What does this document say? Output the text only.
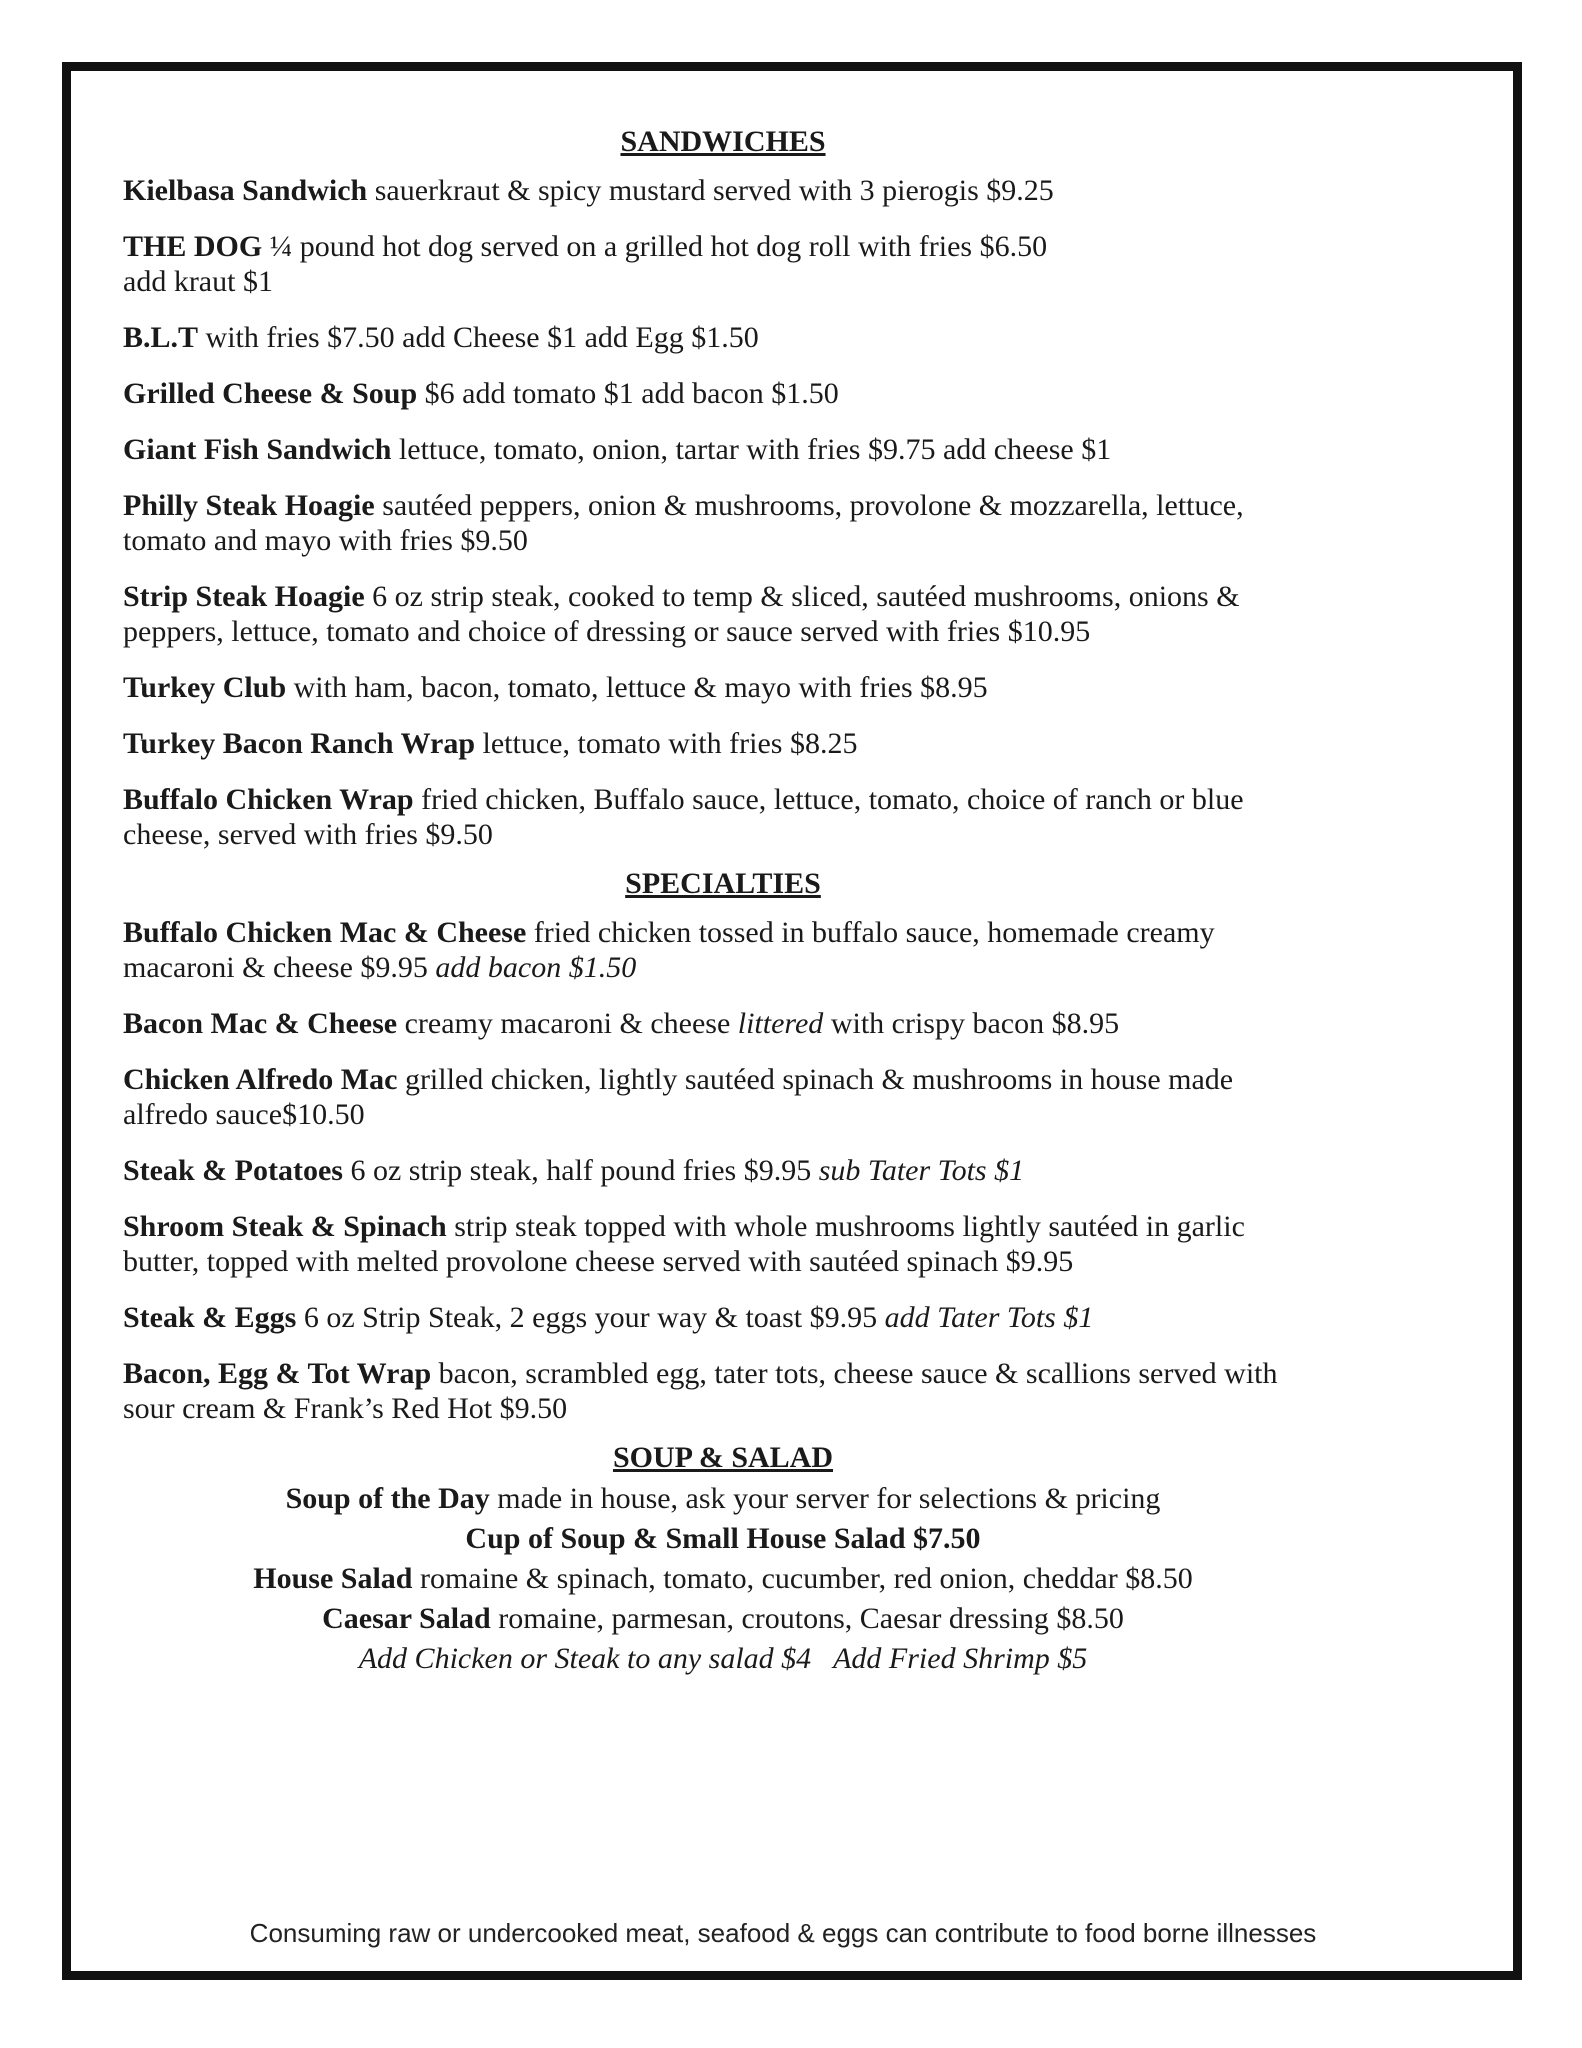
SANDWICHES
Kielbasa Sandwich sauerkraut & spicy mustard served with 3 pierogis $9.25
THE DOG ¼ pound hot dog served on a grilled hot dog roll with fries $6.50
add kraut $1
B.L.T with fries $7.50 add Cheese $1 add Egg $1.50
Grilled Cheese & Soup $6 add tomato $1 add bacon $1.50
Giant Fish Sandwich lettuce, tomato, onion, tartar with fries $9.75 add cheese $1
Philly Steak Hoagie sautéed peppers, onion & mushrooms, provolone & mozzarella, lettuce, tomato and mayo with fries $9.50
Strip Steak Hoagie 6 oz strip steak, cooked to temp & sliced, sautéed mushrooms, onions & peppers, lettuce, tomato and choice of dressing or sauce served with fries $10.95
Turkey Club with ham, bacon, tomato, lettuce & mayo with fries $8.95
Turkey Bacon Ranch Wrap lettuce, tomato with fries $8.25
Buffalo Chicken Wrap fried chicken, Buffalo sauce, lettuce, tomato, choice of ranch or blue cheese, served with fries $9.50
SPECIALTIES
Buffalo Chicken Mac & Cheese fried chicken tossed in buffalo sauce, homemade creamy macaroni & cheese $9.95 add bacon $1.50
Bacon Mac & Cheese creamy macaroni & cheese littered with crispy bacon $8.95
Chicken Alfredo Mac grilled chicken, lightly sautéed spinach & mushrooms in house made alfredo sauce$10.50
Steak & Potatoes 6 oz strip steak, half pound fries $9.95 sub Tater Tots $1
Shroom Steak & Spinach strip steak topped with whole mushrooms lightly sautéed in garlic butter, topped with melted provolone cheese served with sautéed spinach $9.95
Steak & Eggs 6 oz Strip Steak, 2 eggs your way & toast $9.95 add Tater Tots $1
Bacon, Egg & Tot Wrap bacon, scrambled egg, tater tots, cheese sauce & scallions served with sour cream & Frank’s Red Hot $9.50
SOUP & SALAD

Soup of the Day made in house, ask your server for selections & pricing

Cup of Soup & Small House Salad $7.50

House Salad romaine & spinach, tomato, cucumber, red onion, cheddar $8.50

Caesar Salad romaine, parmesan, croutons, Caesar dressing $8.50

Add Chicken or Steak to any salad $4   Add Fried Shrimp $5

Consuming raw or undercooked meat, seafood & eggs can contribute to food borne illnesses
